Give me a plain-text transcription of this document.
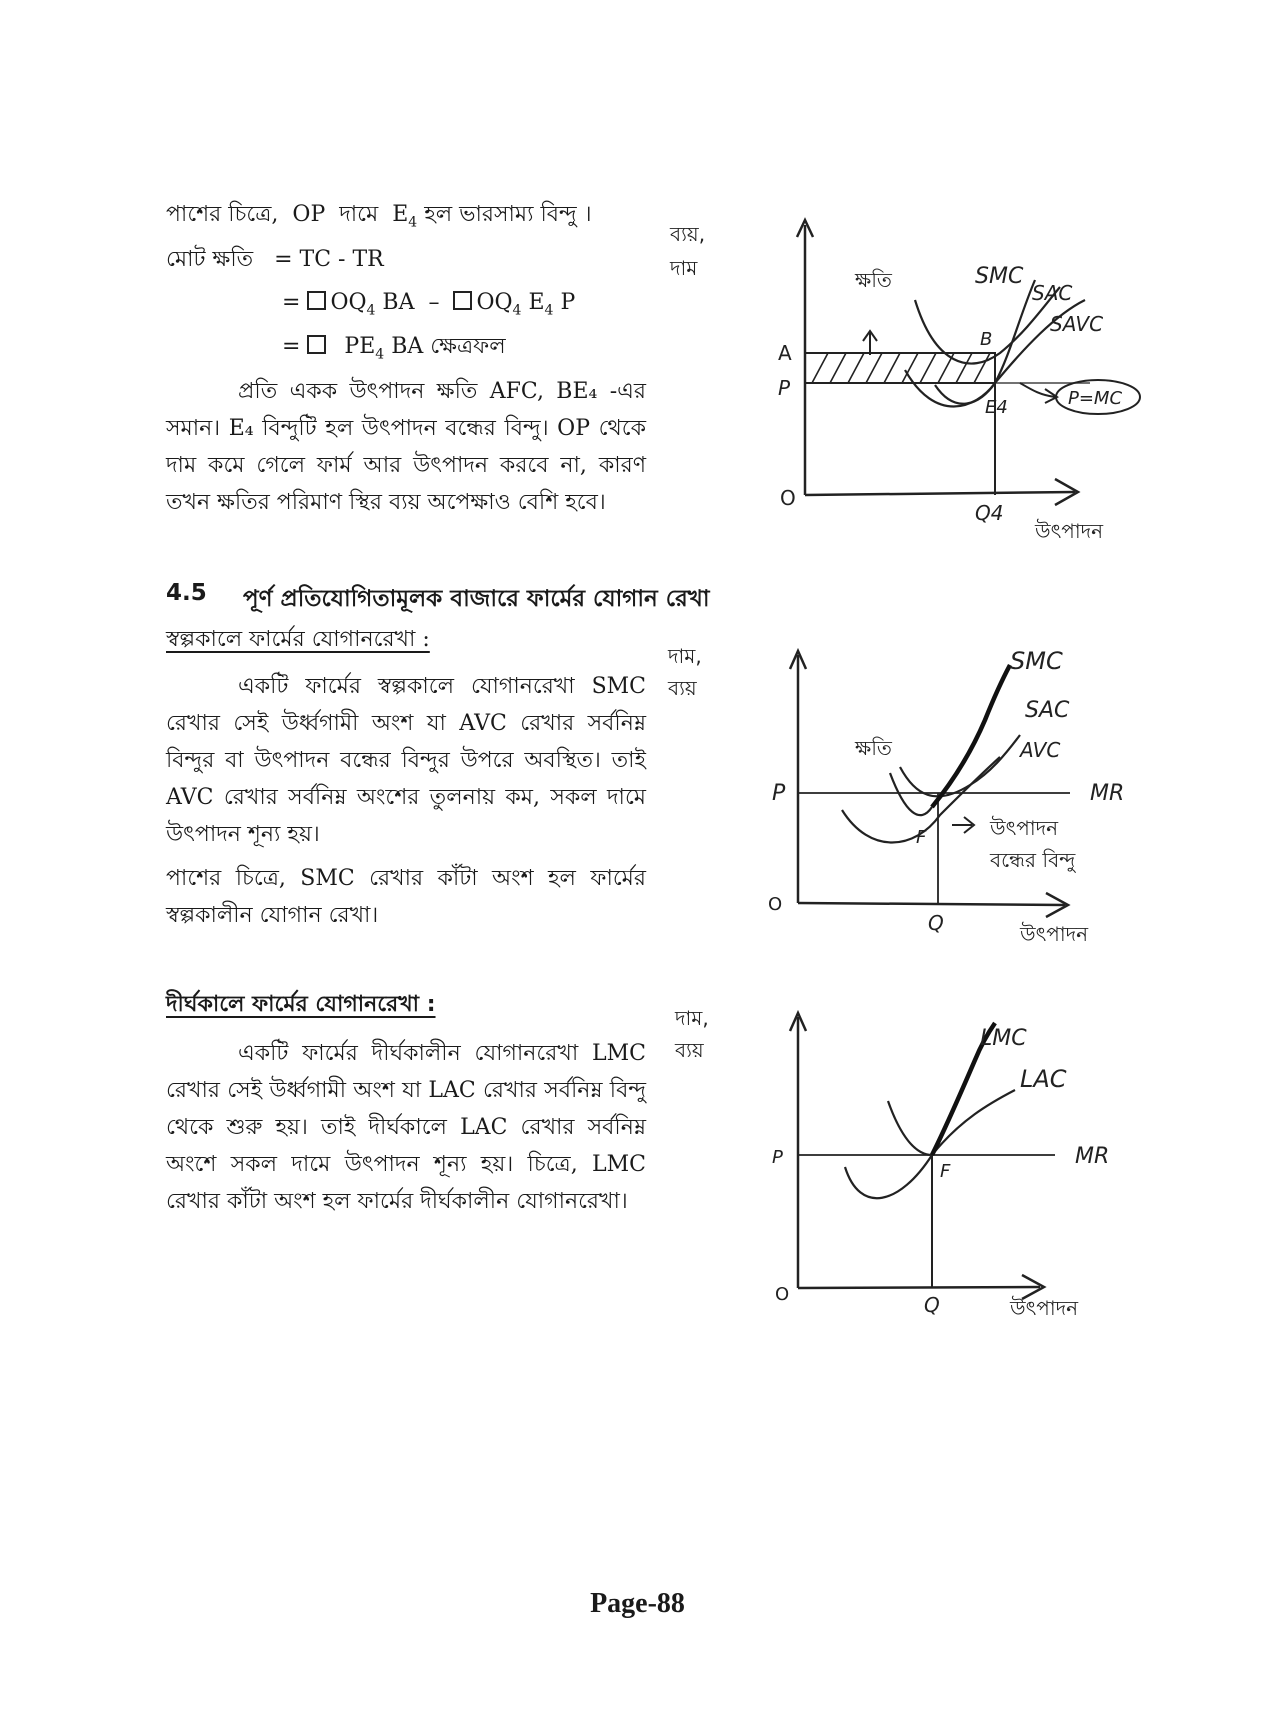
পাশের চিত্রে,  OP  দামে  $E_4$ হল ভারসাম্য বিন্দু ।
মোট ক্ষতি   = TC - TR
= $OQ_4$ BA  –  $OQ_4$ $E_4$ P
=   $PE_4$ BA ক্ষেত্রফল
প্রতি একক উৎপাদন ক্ষতি AFC, BE₄ -এর সমান। E₄ বিন্দুটি হল উৎপাদন বন্ধের বিন্দু। OP থেকে দাম কমে গেলে ফার্ম আর উৎপাদন করবে না, কারণ তখন ক্ষতির পরিমাণ স্থির ব্যয় অপেক্ষাও বেশি হবে।
ব্যয়,
দাম	ক্ষতি	SMC
SAC
SAVC
A
P
B
E4	P=MC
O
Q4
উৎপাদন
4.5 পূর্ণ প্রতিযোগিতামূলক বাজারে ফার্মের যোগান রেখা
স্বল্পকালে ফার্মের যোগানরেখা :
একটি ফার্মের স্বল্পকালে যোগানরেখা SMC রেখার সেই উর্ধ্বগামী অংশ যা AVC রেখার সর্বনিম্ন বিন্দুর বা উৎপাদন বন্ধের বিন্দুর উপরে অবস্থিত। তাই AVC রেখার সর্বনিম্ন অংশের তুলনায় কম, সকল দামে উৎপাদন শূন্য হয়।
পাশের চিত্রে, SMC রেখার কাঁটা অংশ হল ফার্মের স্বল্পকালীন যোগান রেখা।
দাম,
ব্যয়
SMC
SAC
AVC
ক্ষতি
P	MR
F	উৎপাদন
বন্ধের বিন্দু
O
Q	উৎপাদন
দীর্ঘকালে ফার্মের যোগানরেখা :
একটি ফার্মের দীর্ঘকালীন যোগানরেখা LMC রেখার সেই উর্ধ্বগামী অংশ যা LAC রেখার সর্বনিম্ন বিন্দু থেকে শুরু হয়। তাই দীর্ঘকালে LAC রেখার সর্বনিম্ন অংশে সকল দামে উৎপাদন শূন্য হয়। চিত্রে, LMC রেখার কাঁটা অংশ হল ফার্মের দীর্ঘকালীন যোগানরেখা।
দাম,
ব্যয়	LMC
LAC
P	MR
F
O	Q	উৎপাদন
Page-88
